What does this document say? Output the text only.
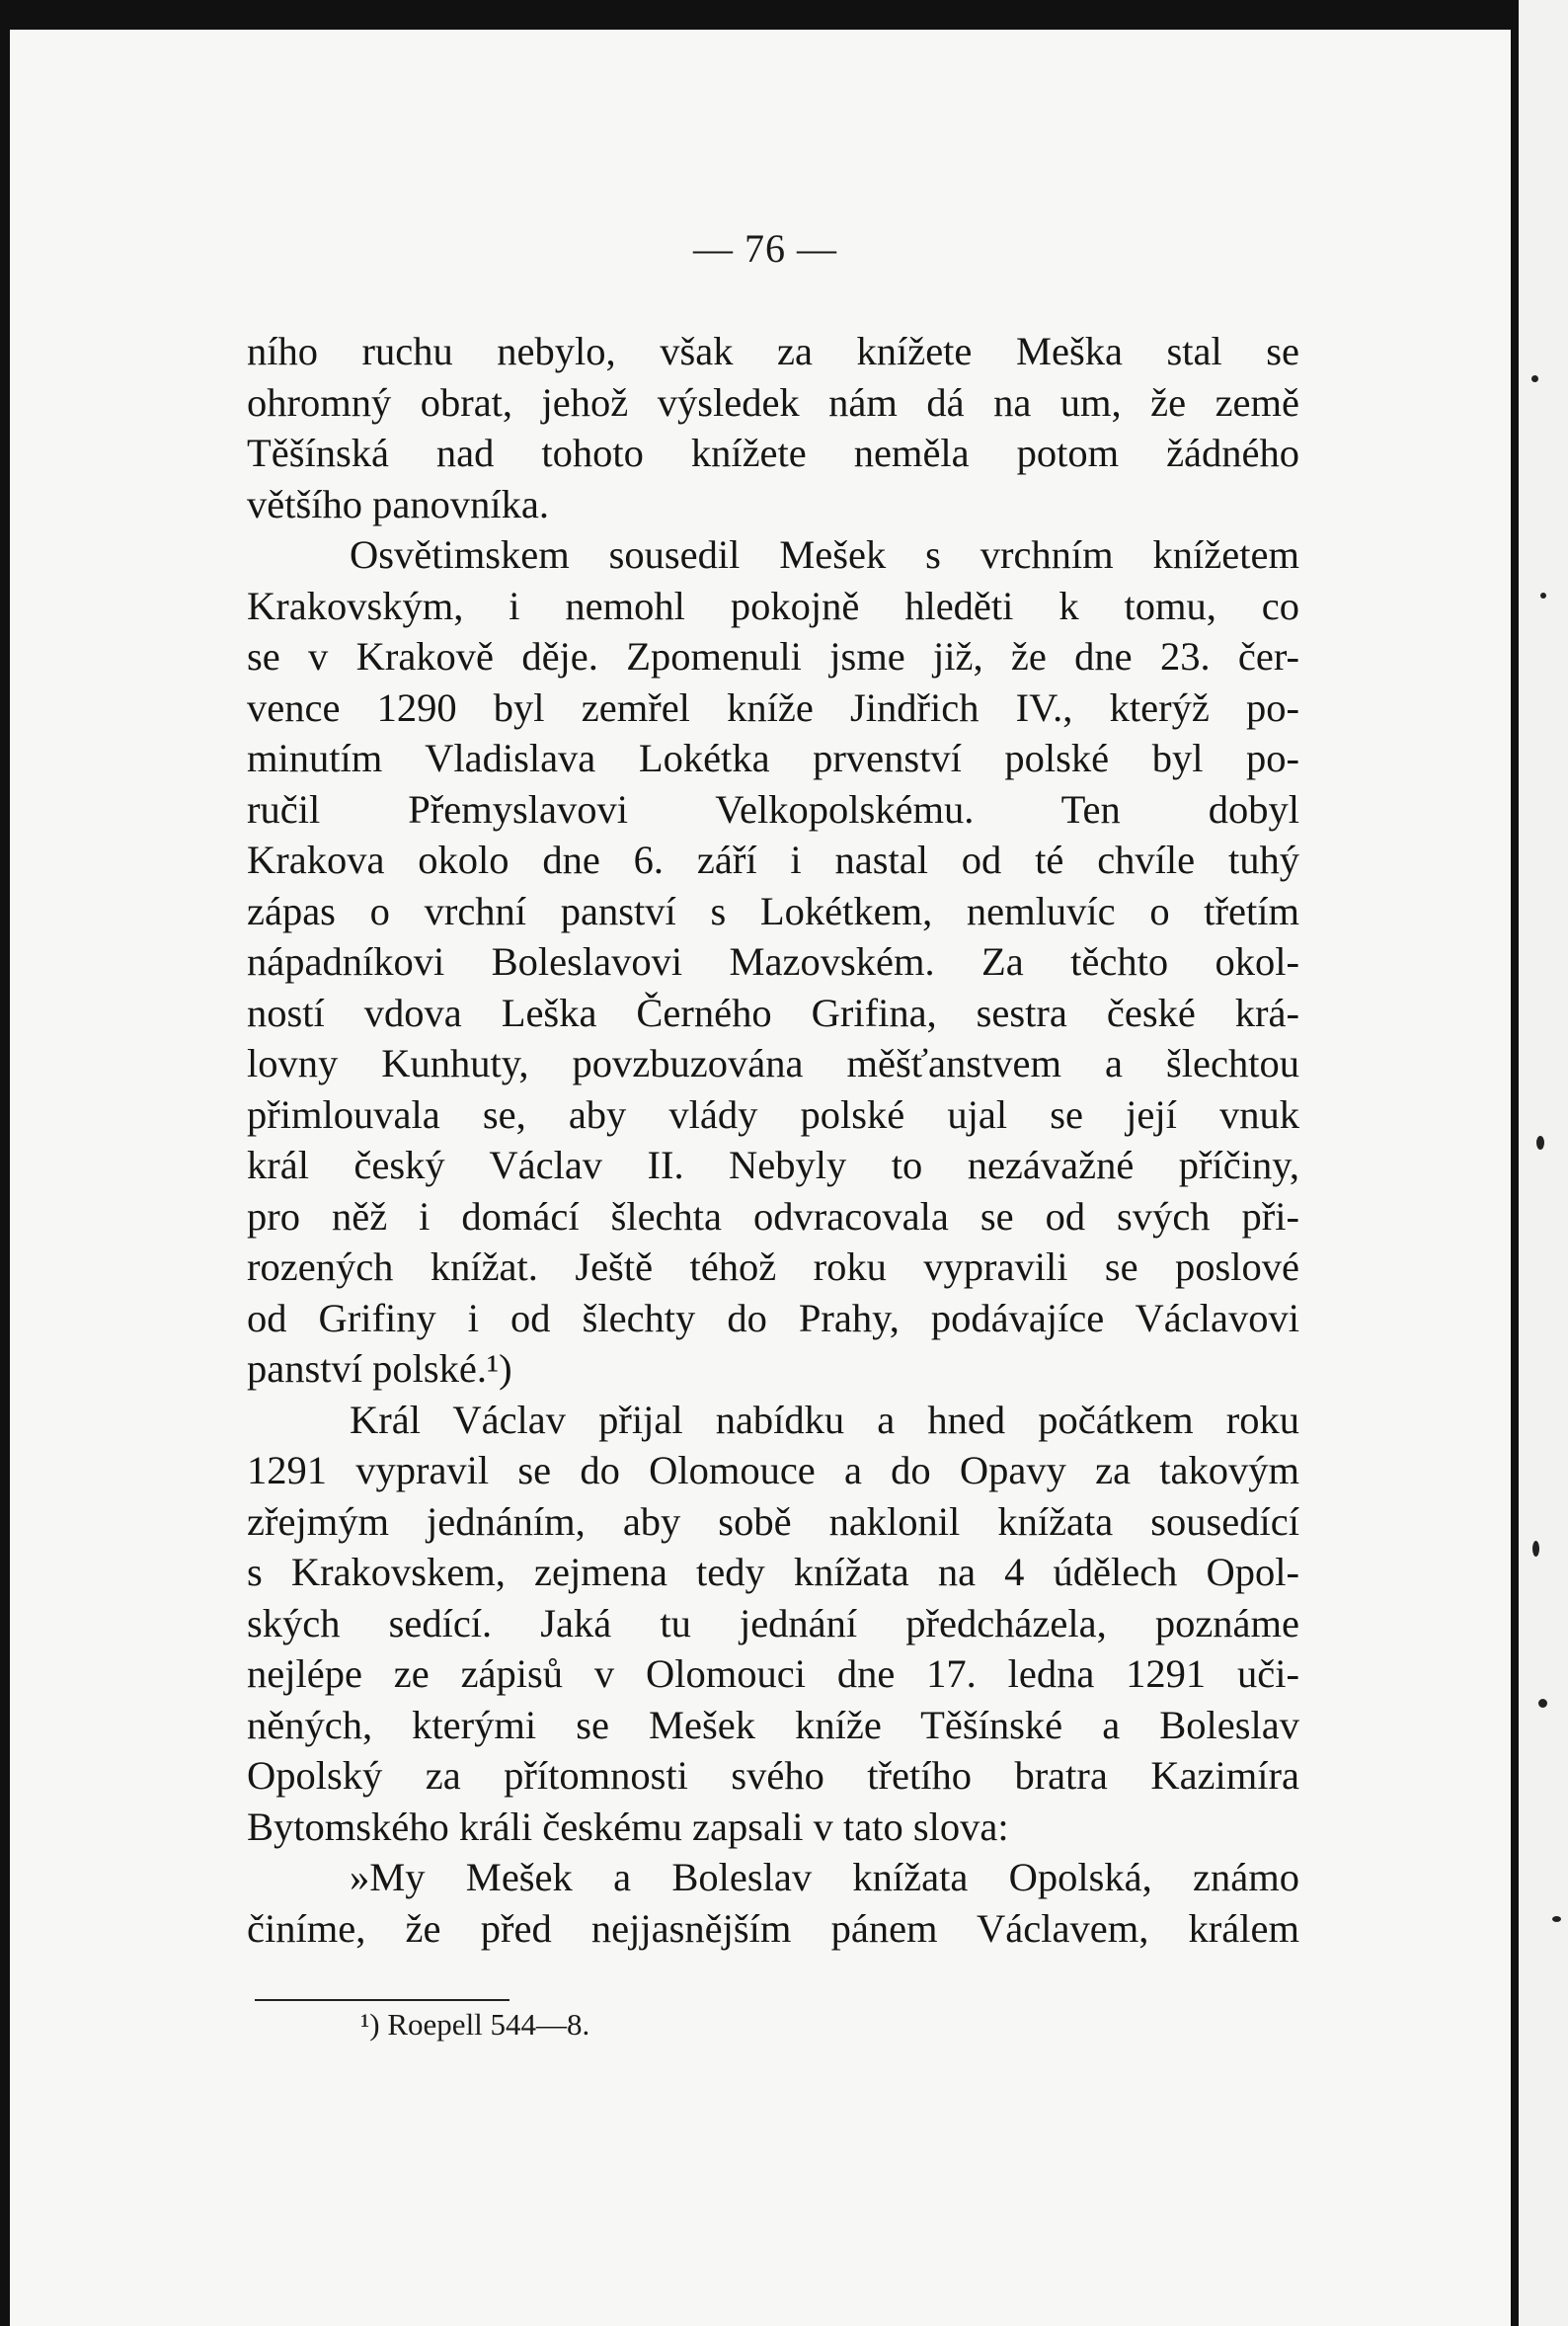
— 76 —
ního ruchu nebylo, však za knížete Meška stal se
ohromný obrat, jehož výsledek nám dá na um, že země
Těšínská nad tohoto knížete neměla potom žádného
většího panovníka.
Osvětimskem sousedil Mešek s vrchním knížetem
Krakovským, i nemohl pokojně hleděti k tomu, co
se v Krakově děje. Zpomenuli jsme již, že dne 23. čer-
vence 1290 byl zemřel kníže Jindřich IV., kterýž po-
minutím Vladislava Lokétka prvenství polské byl po-
ručil Přemyslavovi Velkopolskému. Ten dobyl
Krakova okolo dne 6. září i nastal od té chvíle tuhý
zápas o vrchní panství s Lokétkem, nemluvíc o třetím
nápadníkovi Boleslavovi Mazovském. Za těchto okol-
ností vdova Leška Černého Grifina, sestra české krá-
lovny Kunhuty, povzbuzována měšťanstvem a šlechtou
přimlouvala se, aby vlády polské ujal se její vnuk
král český Václav II. Nebyly to nezávažné příčiny,
pro něž i domácí šlechta odvracovala se od svých při-
rozených knížat. Ještě téhož roku vypravili se poslové
od Grifiny i od šlechty do Prahy, podávajíce Václavovi
panství polské.¹)
Král Václav přijal nabídku a hned počátkem roku
1291 vypravil se do Olomouce a do Opavy za takovým
zřejmým jednáním, aby sobě naklonil knížata sousedící
s Krakovskem, zejmena tedy knížata na 4 údělech Opol-
ských sedící. Jaká tu jednání předcházela, poznáme
nejlépe ze zápisů v Olomouci dne 17. ledna 1291 uči-
něných, kterými se Mešek kníže Těšínské a Boleslav
Opolský za přítomnosti svého třetího bratra Kazimíra
Bytomského králi českému zapsali v tato slova:
»My Mešek a Boleslav knížata Opolská, známo
činíme, že před nejjasnějším pánem Václavem, králem
¹) Roepell 544—8.
